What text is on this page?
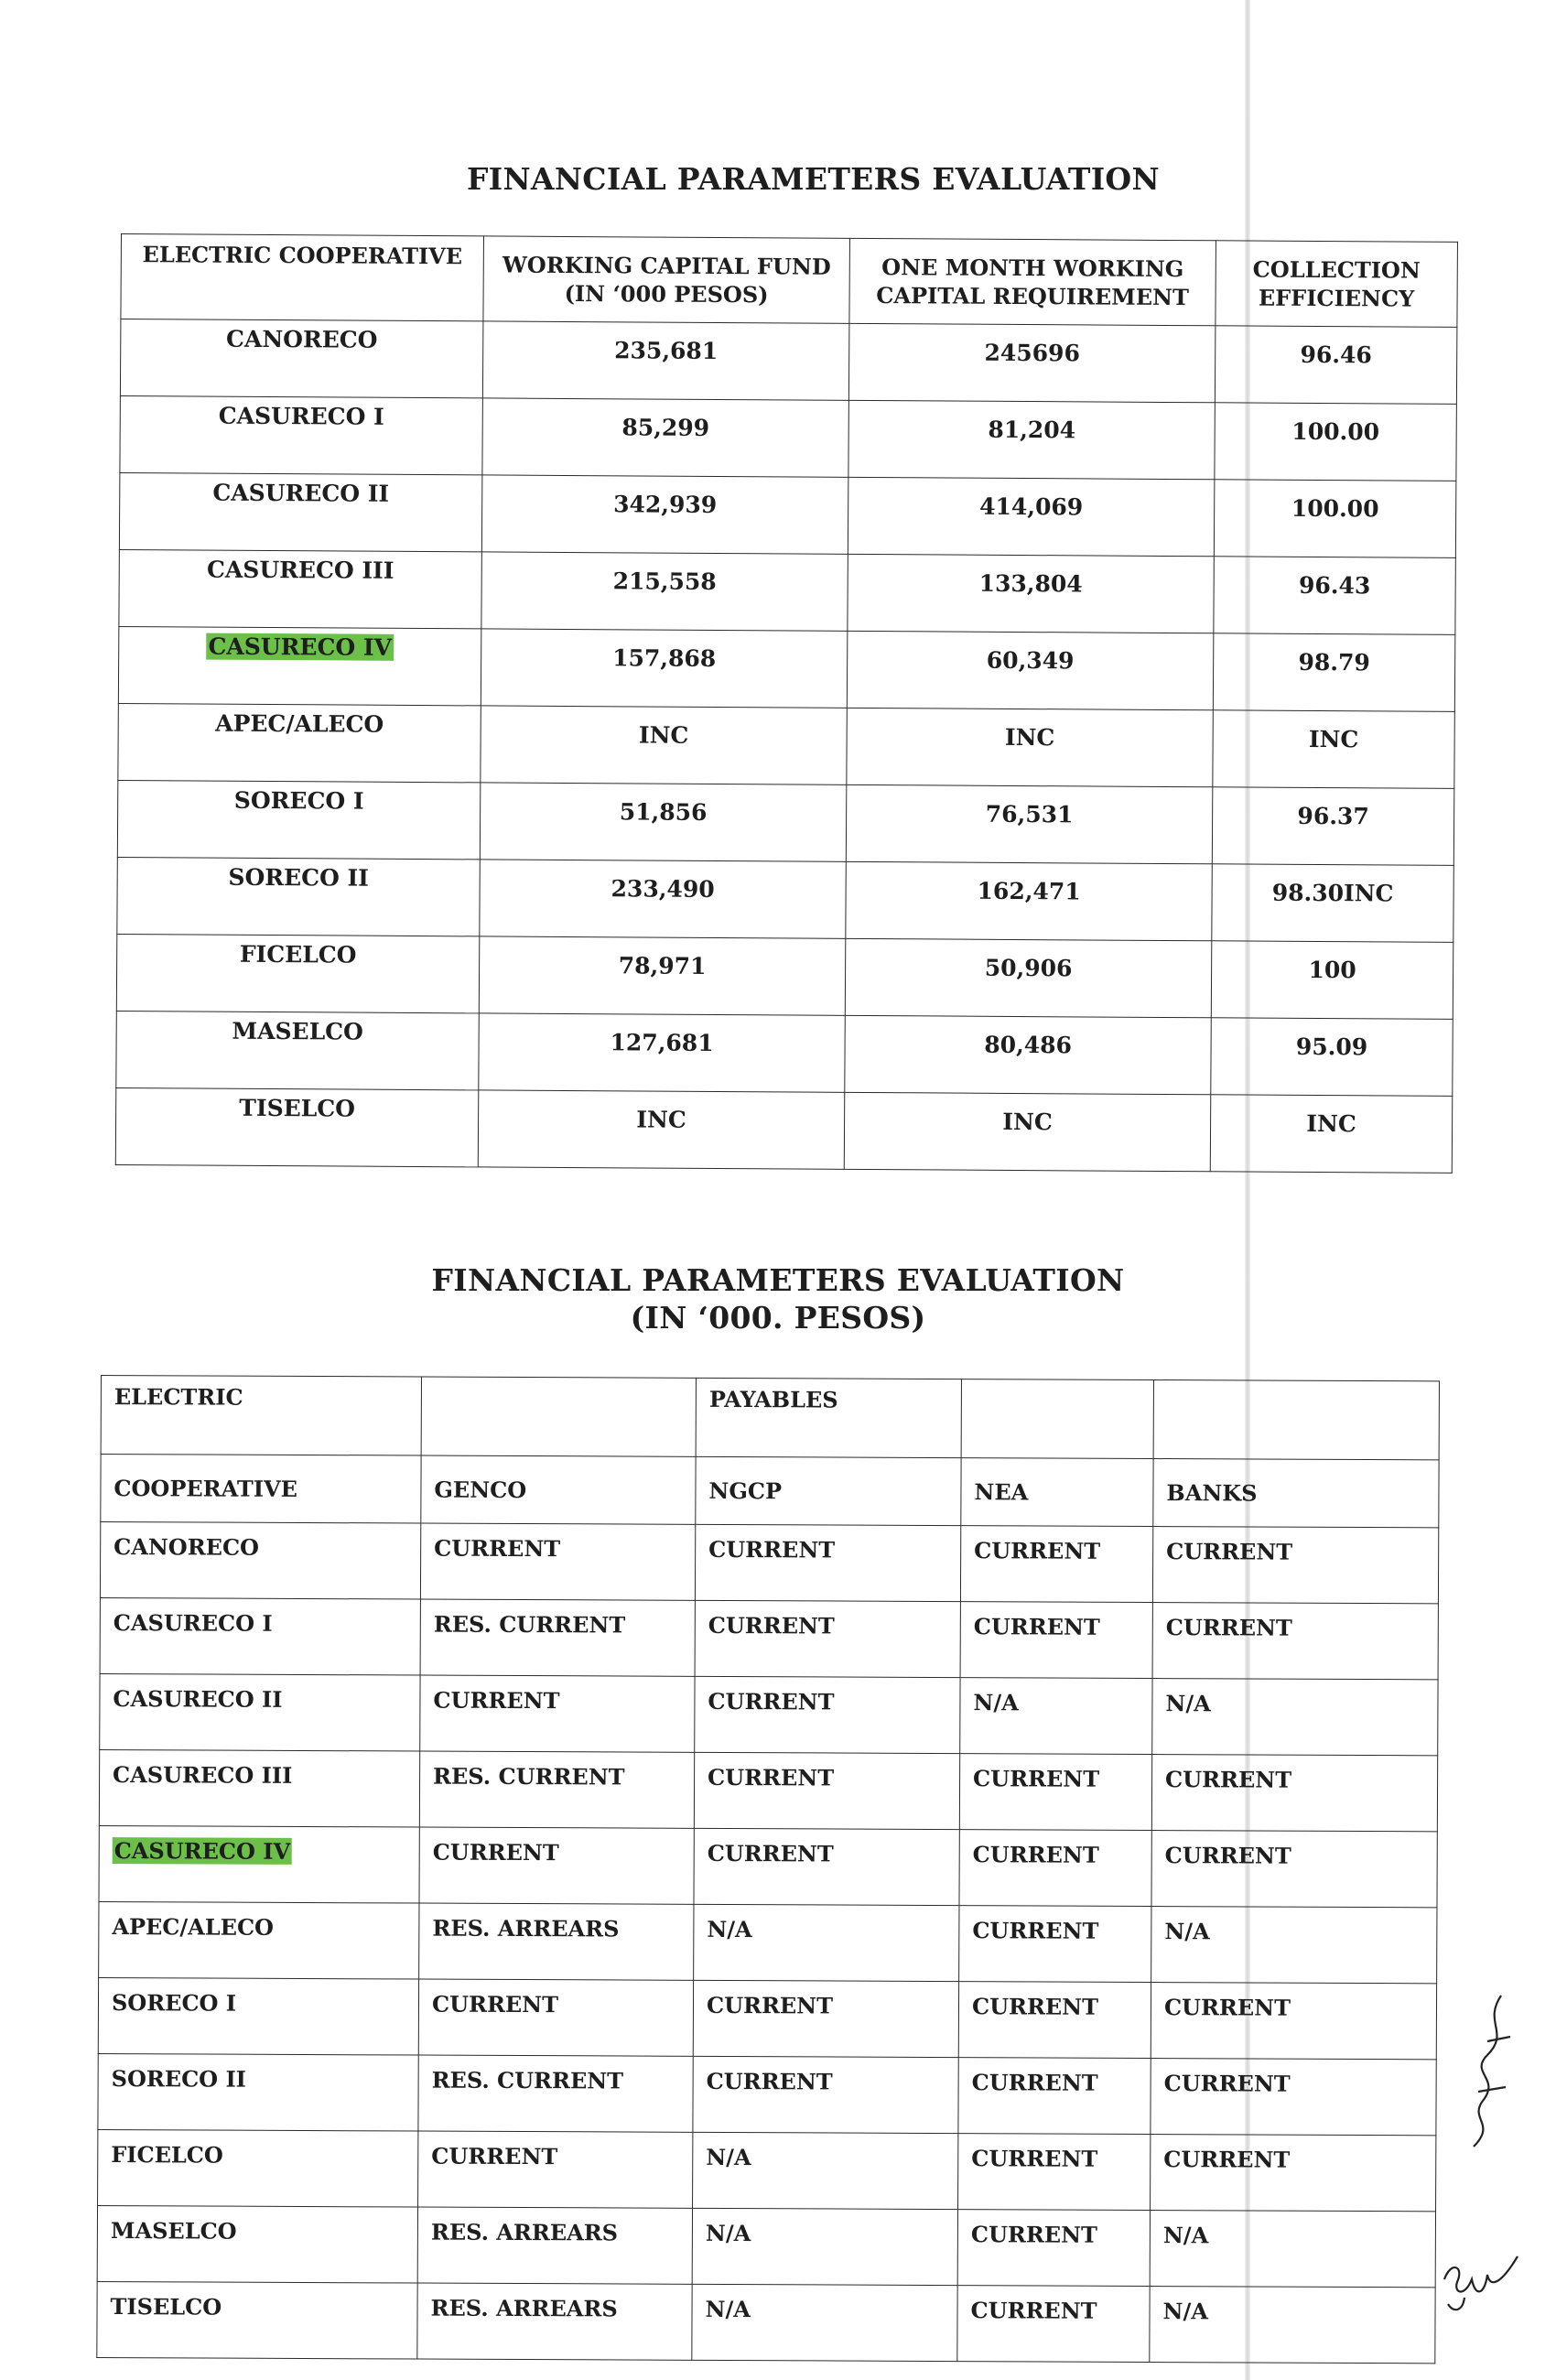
FINANCIAL PARAMETERS EVALUATION
ELECTRIC COOPERATIVE	WORKING CAPITAL FUND (IN ‘000 PESOS)	ONE MONTH WORKING CAPITAL REQUIREMENT	COLLECTION EFFICIENCY
CANORECO	235,681	245696	96.46
CASURECO I	85,299	81,204	100.00
CASURECO II	342,939	414,069	100.00
CASURECO III	215,558	133,804	96.43
CASURECO IV	157,868	60,349	98.79
APEC/ALECO	INC	INC	INC
SORECO I	51,856	76,531	96.37
SORECO II	233,490	162,471	98.30INC
FICELCO	78,971	50,906	100
MASELCO	127,681	80,486	95.09
TISELCO	INC	INC	INC
FINANCIAL PARAMETERS EVALUATION
(IN ‘000. PESOS)
ELECTRIC		PAYABLES		
COOPERATIVE	GENCO	NGCP	NEA	BANKS
CANORECO	CURRENT	CURRENT	CURRENT	CURRENT
CASURECO I	RES. CURRENT	CURRENT	CURRENT	CURRENT
CASURECO II	CURRENT	CURRENT	N/A	N/A
CASURECO III	RES. CURRENT	CURRENT	CURRENT	CURRENT
CASURECO IV	CURRENT	CURRENT	CURRENT	CURRENT
APEC/ALECO	RES. ARREARS	N/A	CURRENT	N/A
SORECO I	CURRENT	CURRENT	CURRENT	CURRENT
SORECO II	RES. CURRENT	CURRENT	CURRENT	CURRENT
FICELCO	CURRENT	N/A	CURRENT	CURRENT
MASELCO	RES. ARREARS	N/A	CURRENT	N/A
TISELCO	RES. ARREARS	N/A	CURRENT	N/A
